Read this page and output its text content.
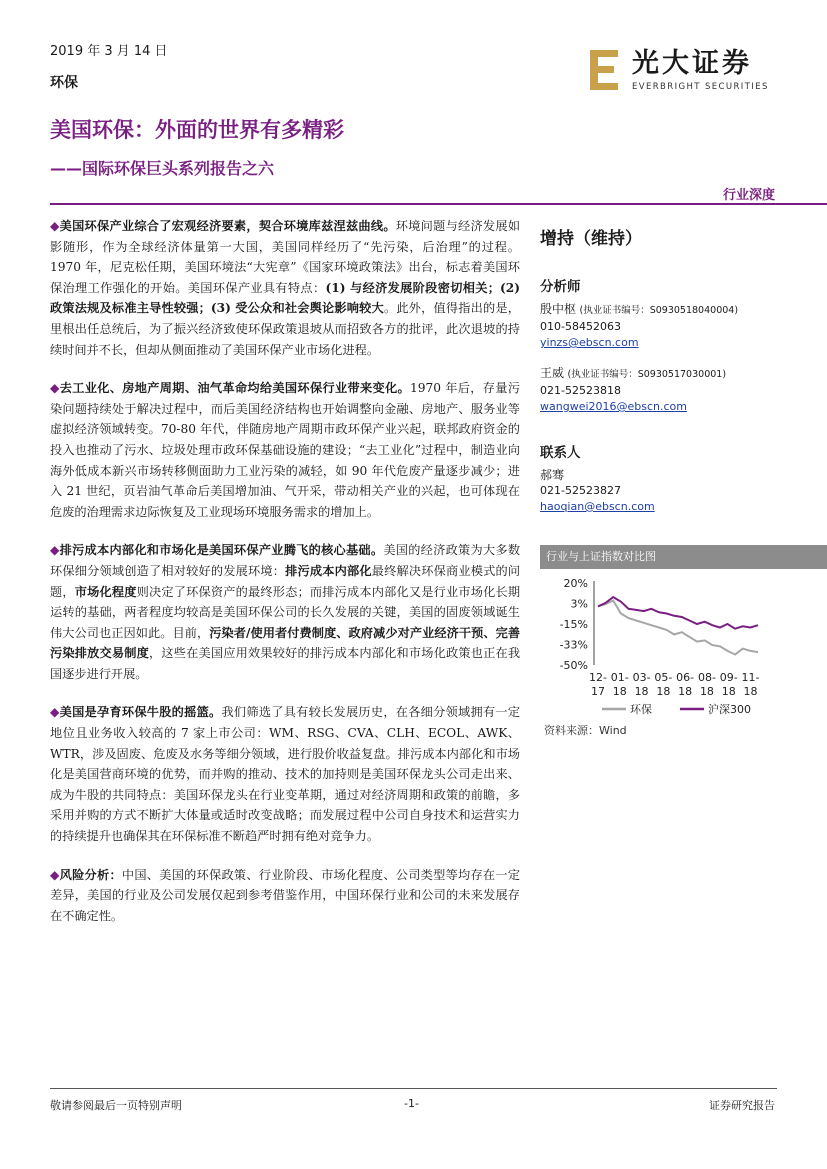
2019 年 3 月 14 日
环保
光大证券
EVERBRIGHT SECURITIES
美国环保：外面的世界有多精彩
——国际环保巨头系列报告之六
行业深度

◆美国环保产业综合了宏观经济要素，契合环境库兹涅兹曲线。环境问题与经济发展如影随形，作为全球经济体量第一大国，美国同样经历了“先污染，后治理”的过程。1970 年，尼克松任期，美国环境法“大宪章”《国家环境政策法》出台，标志着美国环保治理工作强化的开始。美国环保产业具有特点：(1) 与经济发展阶段密切相关；(2) 政策法规及标准主导性较强；(3) 受公众和社会舆论影响较大。此外，值得指出的是，里根出任总统后，为了振兴经济致使环保政策退坡从而招致各方的批评，此次退坡的持续时间并不长，但却从侧面推动了美国环保产业市场化进程。

◆去工业化、房地产周期、油气革命均给美国环保行业带来变化。1970 年后，存量污染问题持续处于解决过程中，而后美国经济结构也开始调整向金融、房地产、服务业等虚拟经济领域转变。70-80 年代，伴随房地产周期市政环保产业兴起，联邦政府资金的投入也推动了污水、垃圾处理市政环保基础设施的建设；“去工业化”过程中，制造业向海外低成本新兴市场转移侧面助力工业污染的减轻，如 90 年代危废产量逐步减少；进入 21 世纪，页岩油气革命后美国增加油、气开采，带动相关产业的兴起，也可体现在危废的治理需求边际恢复及工业现场环境服务需求的增加上。

◆排污成本内部化和市场化是美国环保产业腾飞的核心基础。美国的经济政策为大多数环保细分领域创造了相对较好的发展环境：排污成本内部化最终解决环保商业模式的问题，市场化程度则决定了环保资产的最终形态；而排污成本内部化又是行业市场化长期运转的基础，两者程度均较高是美国环保公司的长久发展的关键，美国的固废领域诞生伟大公司也正因如此。目前，污染者/使用者付费制度、政府减少对产业经济干预、完善污染排放交易制度，这些在美国应用效果较好的排污成本内部化和市场化政策也正在我国逐步进行开展。

◆美国是孕育环保牛股的摇篮。我们筛选了具有较长发展历史，在各细分领域拥有一定地位且业务收入较高的 7 家上市公司：WM、RSG、CVA、CLH、ECOL、AWK、WTR，涉及固废、危废及水务等细分领域，进行股价收益复盘。排污成本内部化和市场化是美国营商环境的优势，而并购的推动、技术的加持则是美国环保龙头公司走出来、成为牛股的共同特点：美国环保龙头在行业变革期，通过对经济周期和政策的前瞻，多采用并购的方式不断扩大体量或适时改变战略；而发展过程中公司自身技术和运营实力的持续提升也确保其在环保标准不断趋严时拥有绝对竞争力。

◆风险分析：中国、美国的环保政策、行业阶段、市场化程度、公司类型等均存在一定差异，美国的行业及公司发展仅起到参考借鉴作用，中国环保行业和公司的未来发展存在不确定性。

增持（维持）
分析师
殷中枢 (执业证书编号：S0930518040004)
010-58452063
yinzs@ebscn.com
王威 (执业证书编号：S0930517030001)
021-52523818
wangwei2016@ebscn.com
联系人
郝骞
021-52523827
haoqian@ebscn.com
行业与上证指数对比图
20%
3%
-15%
-33%
-50%
12-
17
01-
18
03-
18
05-
18
06-
18
08-
18
09-
18
11-
18
环保	沪深300
资料来源：Wind
敬请参阅最后一页特别声明	-1-	证券研究报告
